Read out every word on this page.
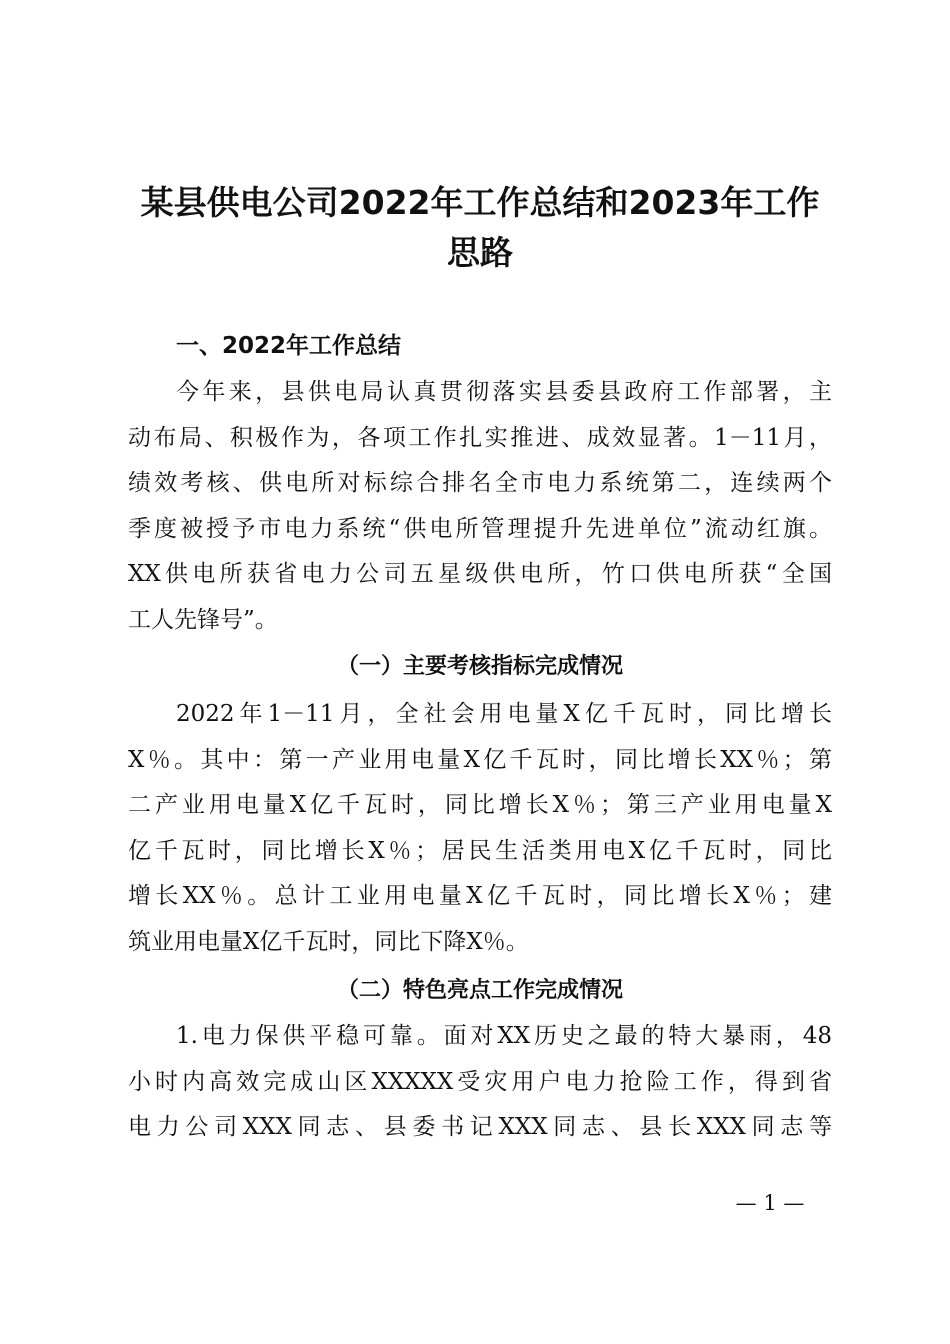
某县供电公司2022年工作总结和2023年工作
思路
一、2022年工作总结
今年来，县供电局认真贯彻落实县委县政府工作部署，主
动布局、积极作为，各项工作扎实推进、成效显著。1－11月，
绩效考核、供电所对标综合排名全市电力系统第二，连续两个
季度被授予市电力系统“供电所管理提升先进单位”流动红旗。
XX供电所获省电力公司五星级供电所，竹口供电所获“全国
工人先锋号”。
（一）主要考核指标完成情况
2022年1－11月，全社会用电量X亿千瓦时，同比增长
X％。其中：第一产业用电量X亿千瓦时，同比增长XX％；第
二产业用电量X亿千瓦时，同比增长X％；第三产业用电量X
亿千瓦时，同比增长X％；居民生活类用电X亿千瓦时，同比
增长XX％。总计工业用电量X亿千瓦时，同比增长X％；建
筑业用电量X亿千瓦时，同比下降X％。
（二）特色亮点工作完成情况
1.电力保供平稳可靠。面对XX历史之最的特大暴雨，48
小时内高效完成山区XXXXX受灾用户电力抢险工作，得到省
电力公司XXX同志、县委书记XXX同志、县长XXX同志等
— 1 —
